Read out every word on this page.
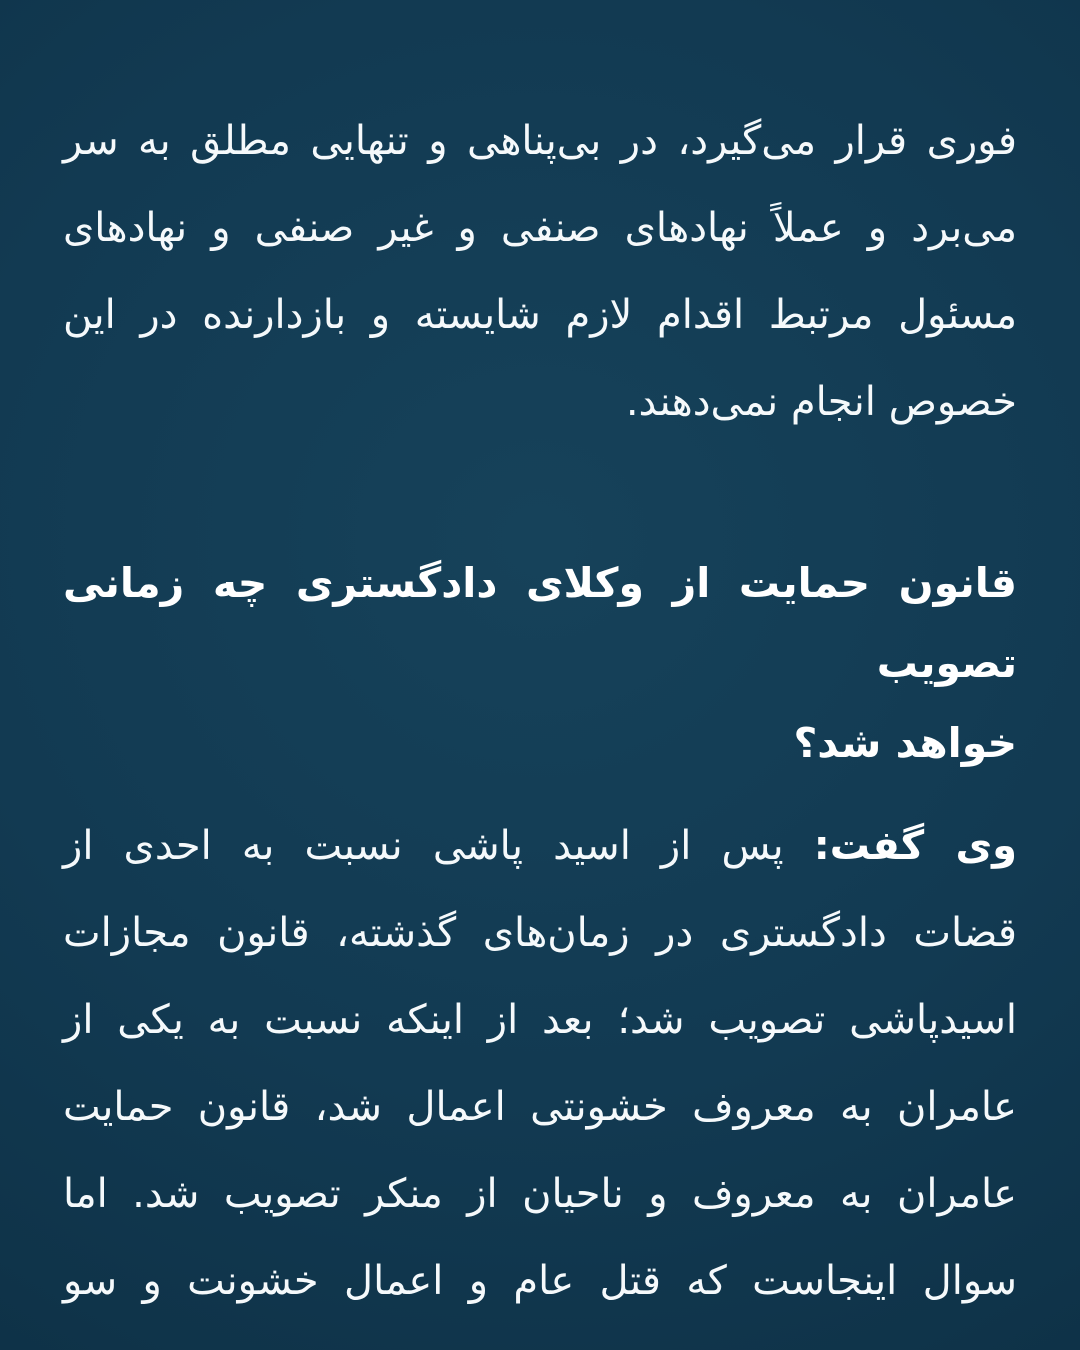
فوری قرار می‌گیرد، در بی‌پناهی و تنهایی مطلق به سر
می‌برد و عملاً نهادهای صنفی و غیر صنفی و نهادهای
مسئول مرتبط اقدام لازم شایسته و بازدارنده در این
خصوص انجام نمی‌دهند.

قانون حمایت از وکلای دادگستری چه زمانی تصویب
خواهد شد؟

وی گفت: پس از اسید پاشی نسبت به احدی از
قضات دادگستری در زمان‌های گذشته، قانون مجازات
اسیدپاشی تصویب شد؛ بعد از اینکه نسبت به یکی از
عامران به معروف خشونتی اعمال شد، قانون حمایت
عامران به معروف و ناحیان از منکر تصویب شد. اما
سوال اینجاست که قتل عام و اعمال خشونت و سو
